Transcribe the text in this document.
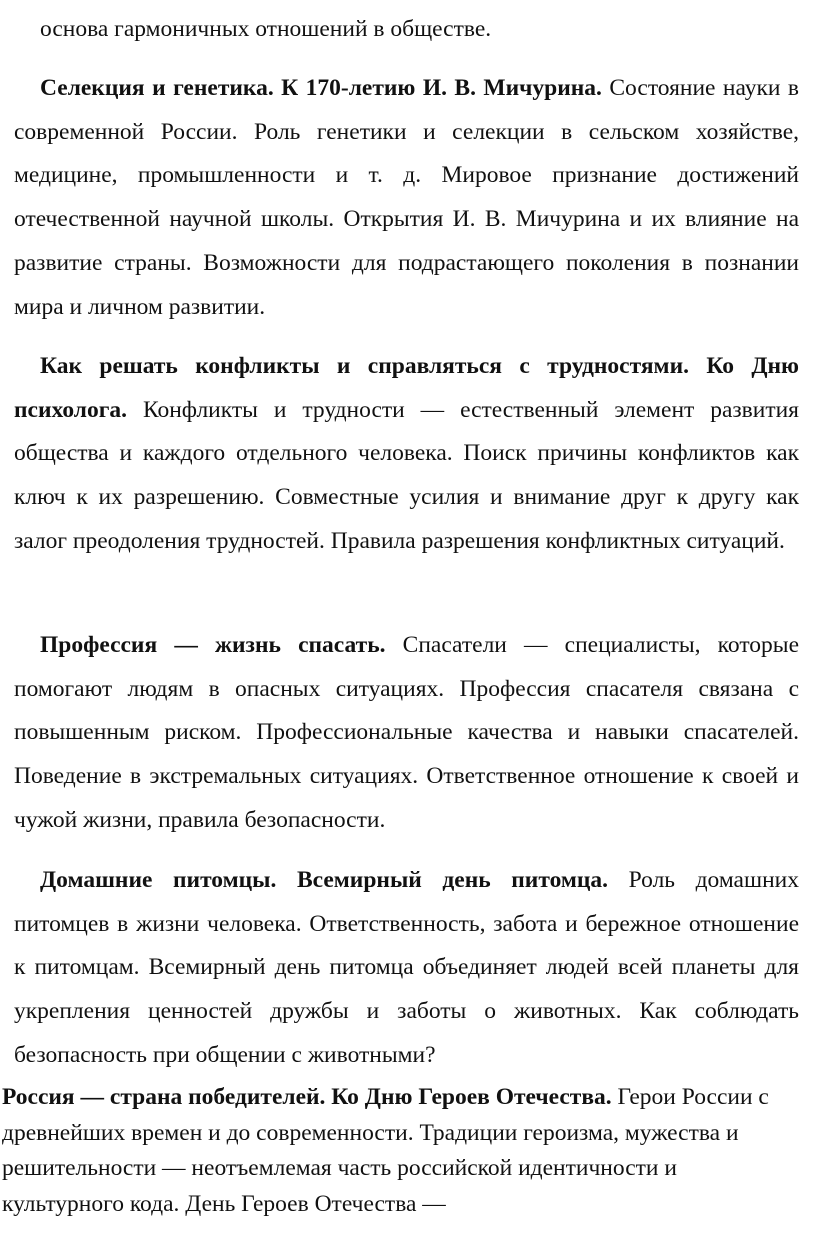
основа гармоничных отношений в обществе.

Селекция и генетика. К 170-летию И. В. Мичурина. Состояние науки в современной России. Роль генетики и селекции в сельском хозяйстве, медицине, промышленности и т. д. Мировое признание достижений отечественной научной школы. Открытия И. В. Мичурина и их влияние на развитие страны. Возможности для подрастающего поколения в познании мира и личном развитии.

Как решать конфликты и справляться с трудностями. Ко Дню психолога. Конфликты и трудности — естественный элемент развития общества и каждого отдельного человека. Поиск причины конфликтов как ключ к их разрешению. Совместные усилия и внимание друг к другу как залог преодоления трудностей. Правила разрешения конфликтных ситуаций.

Профессия — жизнь спасать. Спасатели — специалисты, которые помогают людям в опасных ситуациях. Профессия спасателя связана с повышенным риском. Профессиональные качества и навыки спасателей. Поведение в экстремальных ситуациях. Ответственное отношение к своей и чужой жизни, правила безопасности.

Домашние питомцы. Всемирный день питомца. Роль домашних питомцев в жизни человека. Ответственность, забота и бережное отношение к питомцам. Всемирный день питомца объединяет людей всей планеты для укрепления ценностей дружбы и заботы о животных. Как соблюдать безопасность при общении с животными?

Россия — страна победителей. Ко Дню Героев Отечества. Герои России с древнейших времен и до современности. Традиции героизма, мужества и решительности — неотъемлемая часть российской идентичности и культурного кода. День Героев Отечества —
